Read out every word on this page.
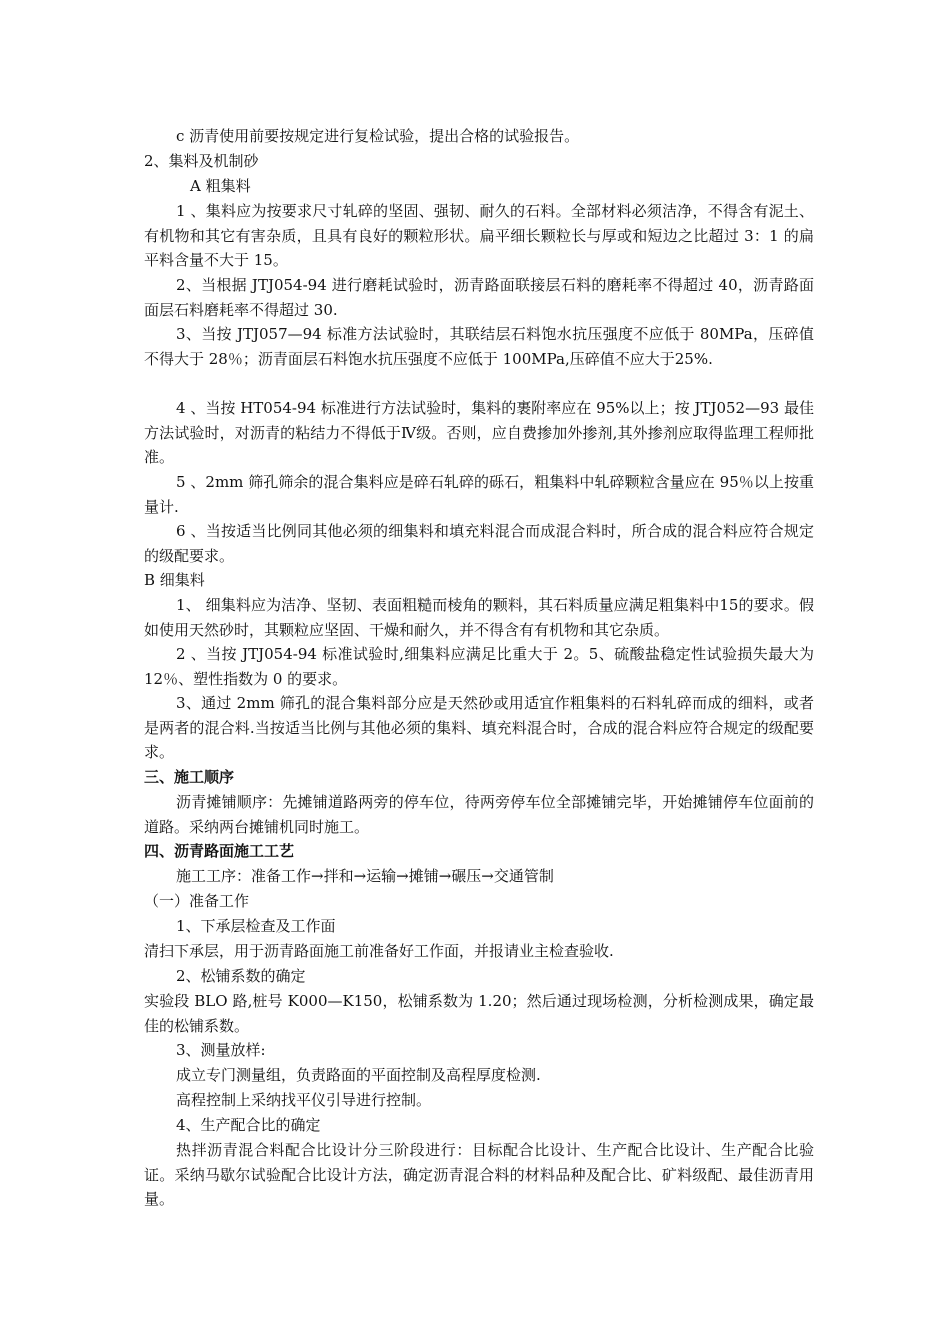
c 沥青使用前要按规定进行复检试验，提出合格的试验报告。

2、集料及机制砂

A 粗集料

1 、集料应为按要求尺寸轧碎的坚固、强韧、耐久的石料。全部材料必须洁净，不得含有泥土、有机物和其它有害杂质，且具有良好的颗粒形状。扁平细长颗粒长与厚或和短边之比超过 3：1 的扁平料含量不大于 15。

2、当根据 JTJ054-94 进行磨耗试验时，沥青路面联接层石料的磨耗率不得超过 40，沥青路面面层石料磨耗率不得超过 30.

3、当按 JTJ057—94 标准方法试验时，其联结层石料饱水抗压强度不应低于 80MPa，压碎值不得大于 28％；沥青面层石料饱水抗压强度不应低于 100MPa,压碎值不应大于25%.

4 、当按 HT054-94 标准进行方法试验时，集料的裹附率应在 95%以上；按 JTJ052—93 最佳方法试验时，对沥青的粘结力不得低于Ⅳ级。否则，应自费掺加外掺剂,其外掺剂应取得监理工程师批准。

5 、2mm 筛孔筛余的混合集料应是碎石轧碎的砾石，粗集料中轧碎颗粒含量应在 95％以上按重量计.

6 、当按适当比例同其他必须的细集料和填充料混合而成混合料时，所合成的混合料应符合规定的级配要求。

B 细集料

1、 细集料应为洁净、坚韧、表面粗糙而棱角的颗料，其石料质量应满足粗集料中15的要求。假如使用天然砂时，其颗粒应坚固、干燥和耐久，并不得含有有机物和其它杂质。

2 、当按 JTJ054-94 标准试验时,细集料应满足比重大于 2。5、硫酸盐稳定性试验损失最大为 12％、塑性指数为 0 的要求。

3、通过 2mm 筛孔的混合集料部分应是天然砂或用适宜作粗集料的石料轧碎而成的细料，或者是两者的混合料.当按适当比例与其他必须的集料、填充料混合时，合成的混合料应符合规定的级配要求。

三、施工顺序

沥青摊铺顺序：先摊铺道路两旁的停车位，待两旁停车位全部摊铺完毕，开始摊铺停车位面前的道路。采纳两台摊铺机同时施工。

四、沥青路面施工工艺

施工工序：准备工作→拌和→运输→摊铺→碾压→交通管制

（一）准备工作

1、下承层检查及工作面

清扫下承层，用于沥青路面施工前准备好工作面，并报请业主检查验收.

2、松铺系数的确定

实验段 BLO 路,桩号 K000—K150，松铺系数为 1.20；然后通过现场检测，分析检测成果，确定最佳的松铺系数。

3、测量放样:

成立专门测量组，负责路面的平面控制及高程厚度检测.

高程控制上采纳找平仪引导进行控制。

4、生产配合比的确定

热拌沥青混合料配合比设计分三阶段进行：目标配合比设计、生产配合比设计、生产配合比验证。采纳马歇尔试验配合比设计方法，确定沥青混合料的材料品种及配合比、矿料级配、最佳沥青用量。
